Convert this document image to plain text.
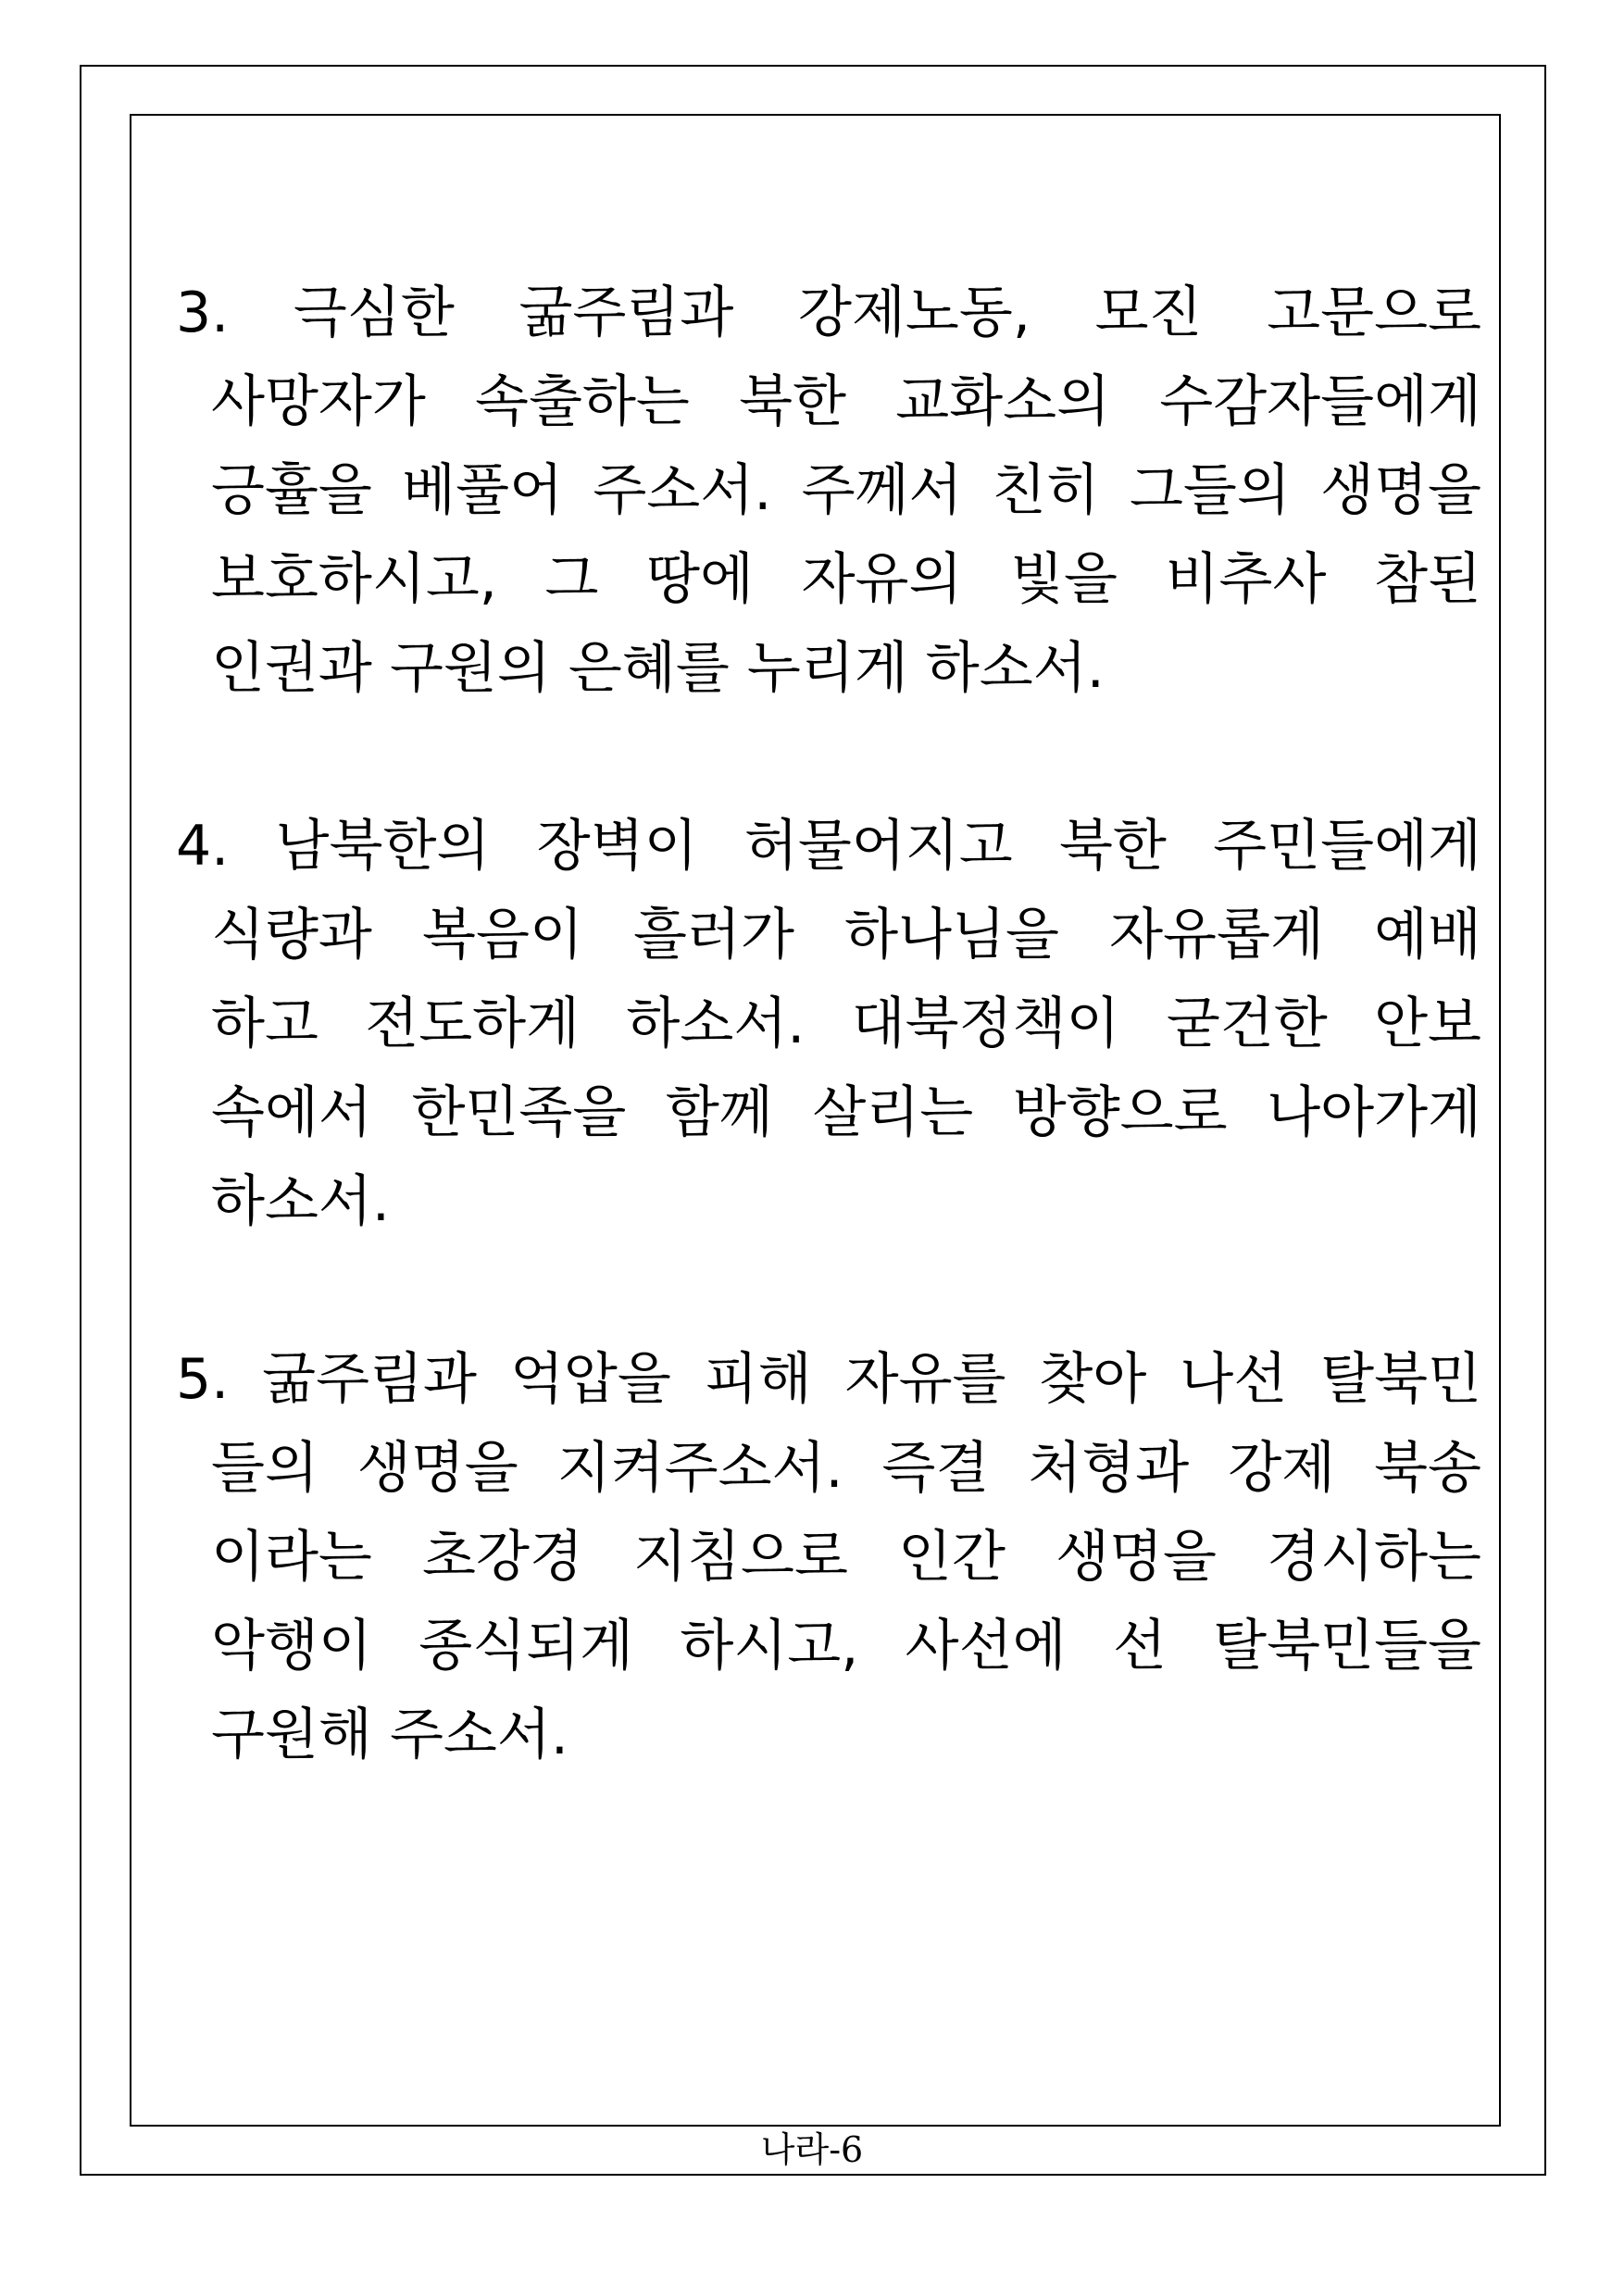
3. 극심한 굶주림과 강제노동, 모진 고문으로
사망자가 속출하는 북한 교화소의 수감자들에게
긍휼을 베풀어 주소서. 주께서 친히 그들의 생명을
보호하시고, 그 땅에 자유의 빛을 비추사 참된
인권과 구원의 은혜를 누리게 하소서.
4. 남북한의 장벽이 허물어지고 북한 주민들에게
식량과 복음이 흘러가 하나님을 자유롭게 예배
하고 전도하게 하소서. 대북정책이 굳건한 안보
속에서 한민족을 함께 살리는 방향으로 나아가게
하소서.
5. 굶주림과 억압을 피해 자유를 찾아 나선 탈북민
들의 생명을 지켜주소서. 즉결 처형과 강제 북송
이라는 초강경 지침으로 인간 생명을 경시하는
악행이 종식되게 하시고, 사선에 선 탈북민들을
구원해 주소서.
나라-6
